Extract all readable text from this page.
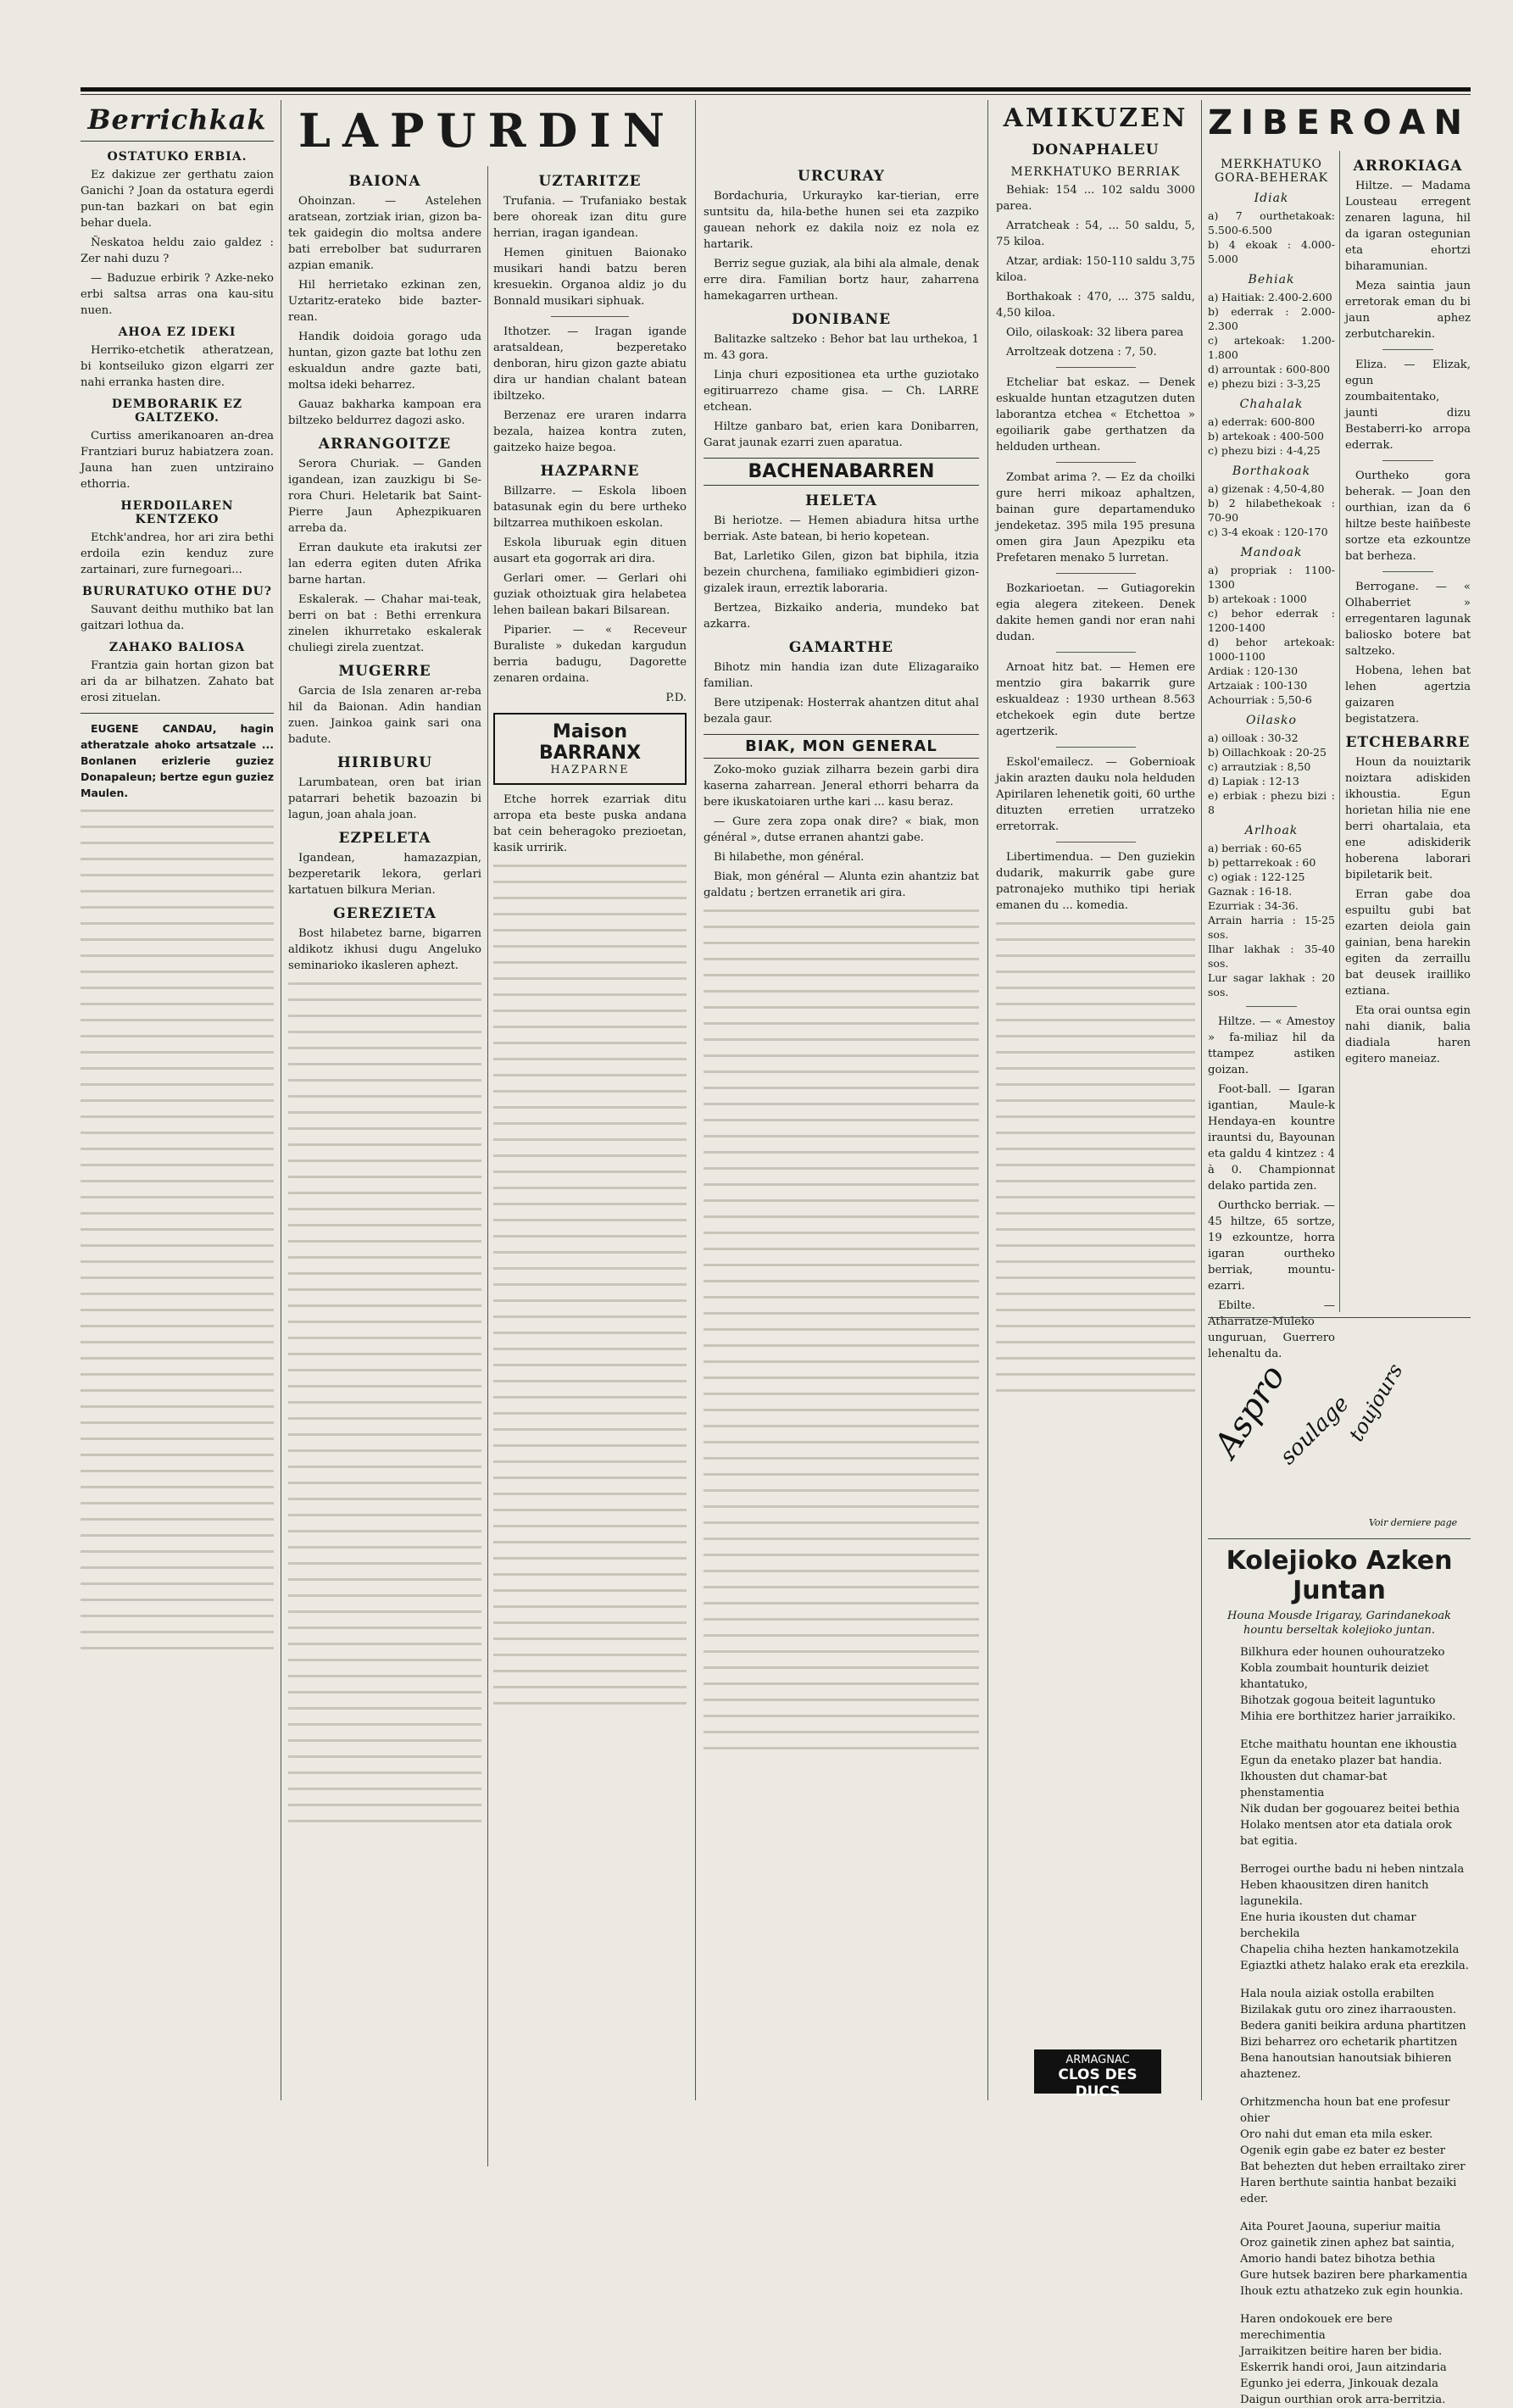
Berrichkak
OSTATUKO ERBIA.

Ez dakizue zer gerthatu zaion Ganichi ? Joan da ostatura egerdi pun-tan bazkari on bat egin behar duela.

Ñeskatoa heldu zaio galdez : Zer nahi duzu ?

— Baduzue erbirik ? Azke-neko erbi saltsa arras ona kau-situ nuen.

AHOA EZ IDEKI

Herriko-etchetik atheratzean, bi kontseiluko gizon elgarri zer nahi erranka hasten dire.

DEMBORARIK EZ GALTZEKO.

Curtiss amerikanoaren an-drea Frantziari buruz habiatzera zoan. Jauna han zuen untziraino ethorria.

HERDOILAREN KENTZEKO

Etchk'andrea, hor ari zira bethi erdoila ezin kenduz zure zartainari, zure furnegoari...

BURURATUKO OTHE DU?

Sauvant deithu muthiko bat lan gaitzari lothua da.

ZAHAKO BALIOSA

Frantzia gain hortan gizon bat ari da ar bilhatzen. Zahato bat erosi zituelan.

EUGENE CANDAU, hagin atheratzale ahoko artsatzale ... Bonlanen erizlerie guziez Donapaleun; bertze egun guziez Maulen.

LAPURDIN
BAIONA

Ohoinzan. — Astelehen aratsean, zortziak irian, gizon ba-tek gaidegin dio moltsa andere bati errebolber bat sudurraren azpian emanik.

Hil herrietako ezkinan zen, Uztaritz-erateko bide bazter-rean.

Handik doidoia gorago uda huntan, gizon gazte bat lothu zen eskualdun andre gazte bati, moltsa ideki beharrez.

Gauaz bakharka kampoan era biltzeko beldurrez dagozi asko.

ARRANGOITZE

Serora Churiak. — Ganden igandean, izan zauzkigu bi Se-rora Churi. Heletarik bat Saint-Pierre Jaun Aphezpikuaren arreba da.

Erran daukute eta irakutsi zer lan ederra egiten duten Afrika barne hartan.

Eskalerak. — Chahar mai-teak, berri on bat : Bethi errenkura zinelen ikhurretako eskalerak chuliegi zirela zuentzat.

MUGERRE

Garcia de Isla zenaren ar-reba hil da Baionan. Adin handian zuen. Jainkoa gaink sari ona badute.

HIRIBURU

Larumbatean, oren bat irian patarrari behetik bazoazin bi lagun, joan ahala joan.

EZPELETA

Igandean, hamazazpian, bezperetarik lekora, gerlari kartatuen bilkura Merian.

GEREZIETA

Bost hilabetez barne, bigarren aldikotz ikhusi dugu Angeluko seminarioko ikasleren aphezt.

UZTARITZE

Trufania. — Trufaniako bestak bere ohoreak izan ditu gure herrian, iragan igandean.

Hemen ginituen Baionako musikari handi batzu beren kresuekin. Organoa aldiz jo du Bonnald musikari siphuak.

Ithotzer. — Iragan igande aratsaldean, bezperetako denboran, hiru gizon gazte abiatu dira ur handian chalant batean ibiltzeko.

Berzenaz ere uraren indarra bezala, haizea kontra zuten, gaitzeko haize begoa.

HAZPARNE

Billzarre. — Eskola liboen batasunak egin du bere urtheko biltzarrea muthikoen eskolan.

Eskola liburuak egin dituen ausart eta gogorrak ari dira.

Gerlari omer. — Gerlari ohi guziak othoiztuak gira helabetea lehen bailean bakari Bilsarean.

Piparier. — « Receveur Buraliste » dukedan kargudun berria badugu, Dagorette zenaren ordaina.

P.D.

Maison BARRANX
HAZPARNE

Etche horrek ezarriak ditu arropa eta beste puska andana bat cein beheragoko prezioetan, kasik urririk.

URCURAY

Bordachuria, Urkurayko kar-tierian, erre suntsitu da, hila-bethe hunen sei eta zazpiko gauean nehork ez dakila noiz ez nola ez hartarik.

Berriz segue guziak, ala bihi ala almale, denak erre dira. Familian bortz haur, zaharrena hamekagarren urthean.

DONIBANE

Balitazke saltzeko : Behor bat lau urthekoa, 1 m. 43 gora.

Linja churi ezpositionea eta urthe guziotako egitiruarrezo chame gisa. — Ch. LARRE etchean.

Hiltze ganbaro bat, erien kara Donibarren, Garat jaunak ezarri zuen aparatua.

BACHENABARREN
HELETA

Bi heriotze. — Hemen abiadura hitsa urthe berriak. Aste batean, bi herio kopetean.

Bat, Larletiko Gilen, gizon bat biphila, itzia bezein churchena, familiako egimbidieri gizon-gizalek iraun, erreztik laboraria.

Bertzea, Bizkaiko anderia, mundeko bat azkarra.

GAMARTHE

Bihotz min handia izan dute Elizagaraiko familian.

Bere utzipenak: Hosterrak ahantzen ditut ahal bezala gaur.

BIAK, MON GENERAL

Zoko-moko guziak zilharra bezein garbi dira kaserna zaharrean. Jeneral ethorri beharra da bere ikuskatoiaren urthe kari ... kasu beraz.

— Gure zera zopa onak dire? « biak, mon général », dutse erranen ahantzi gabe.

Bi hilabethe, mon général.

Biak, mon général — Alunta ezin ahantziz bat galdatu ; bertzen erranetik ari gira.

AMIKUZEN
DONAPHALEU
MERKHATUKO BERRIAK

Behiak: 154 ... 102 saldu 3000 parea.

Arratcheak : 54, ... 50 saldu, 5, 75 kiloa.

Atzar, ardiak: 150-110 saldu 3,75 kiloa.

Borthakoak : 470, ... 375 saldu, 4,50 kiloa.

Oilo, oilaskoak: 32 libera parea

Arroltzeak dotzena : 7, 50.

Etcheliar bat eskaz. — Denek eskualde huntan etzagutzen duten laborantza etchea « Etchettoa » egoiliarik gabe gerthatzen da helduden urthean.

Zombat arima ?. — Ez da choilki gure herri mikoaz aphaltzen, bainan gure departamenduko jendeketaz. 395 mila 195 presuna omen gira Jaun Apezpiku eta Prefetaren menako 5 lurretan.

Bozkarioetan. — Gutiagorekin egia alegera zitekeen. Denek dakite hemen gandi nor eran nahi dudan.

Arnoat hitz bat. — Hemen ere mentzio gira bakarrik gure eskualdeaz : 1930 urthean 8.563 etchekoek egin dute bertze agertzerik.

Eskol'emailecz. — Gobernioak jakin arazten dauku nola helduden Apirilaren lehenetik goiti, 60 urthe dituzten erretien urratzeko erretorrak.

Libertimendua. — Den guziekin dudarik, makurrik gabe gure patronajeko muthiko tipi heriak emanen du ... komedia.

ARMAGNAC
CLOS DES DUCS
ZIBEROAN
MERKHATUKO GORA-BEHERAK
Idiak

a) 7 ourthetakoak: 5.500-6.500

b) 4 ekoak : 4.000-5.000

Behiak

a) Haitiak: 2.400-2.600

b) ederrak : 2.000-2.300

c) artekoak: 1.200-1.800

d) arrountak : 600-800

e) phezu bizi : 3-3,25

Chahalak

a) ederrak: 600-800

b) artekoak : 400-500

c) phezu bizi : 4-4,25

Borthakoak

a) gizenak : 4,50-4,80

b) 2 hilabethekoak : 70-90

c) 3-4 ekoak : 120-170

Mandoak

a) propriak : 1100-1300

b) artekoak : 1000

c) behor ederrak : 1200-1400

d) behor artekoak: 1000-1100

Ardiak : 120-130

Artzaiak : 100-130

Achourriak : 5,50-6

Oilasko

a) oilloak : 30-32

b) Oillachkoak : 20-25

c) arrautziak : 8,50

d) Lapiak : 12-13

e) erbiak : phezu bizi : 8

Arlhoak

a) berriak : 60-65

b) pettarrekoak : 60

c) ogiak : 122-125

Gaznak : 16-18.

Ezurriak : 34-36.

Arrain harria : 15-25 sos.

Ilhar lakhak : 35-40 sos.

Lur sagar lakhak : 20 sos.

Hiltze. — « Amestoy » fa-miliaz hil da ttampez astiken goizan.

Foot-ball. — Igaran igantian, Maule-k Hendaya-en kountre irauntsi du, Bayounan eta galdu 4 kintzez : 4 à 0. Championnat delako partida zen.

Ourthcko berriak. — 45 hiltze, 65 sortze, 19 ezkountze, horra igaran ourtheko berriak, mountu-ezarri.

Ebilte. — Atharratze-Muleko unguruan, Guerrero lehenaltu da.

ARROKIAGA

Hiltze. — Madama Lousteau erregent zenaren laguna, hil da igaran ostegunian eta ehortzi biharamunian.

Meza saintia jaun erretorak eman du bi jaun aphez zerbutcharekin.

Eliza. — Elizak, egun zoumbaitentako, jaunti dizu Bestaberri-ko arropa ederrak.

Ourtheko gora beherak. — Joan den ourthian, izan da 6 hiltze beste haiñbeste sortze eta ezkountze bat berheza.

Berrogane. — « Olhaberriet » erregentaren lagunak baliosko botere bat saltzeko.

Hobena, lehen bat lehen agertzia gaizaren begistatzera.

ETCHEBARRE

Houn da nouiztarik noiztara adiskiden ikhoustia. Egun horietan hilia nie ene berri ohartalaia, eta ene adiskiderik hoberena laborari bipiletarik beit.

Erran gabe doa espuiltu gubi bat ezarten deiola gain gainian, bena harekin egiten da zerraillu bat deusek irailliko eztiana.

Eta orai ountsa egin nahi dianik, balia diadiala haren egitero maneiaz.

Aspro
soulage
toujours
Voir derniere page
Kolejioko Azken Juntan
Houna Mousde Irigaray, Garindanekoak hountu berseltak kolejioko juntan.

Bilkhura eder hounen ouhouratzeko

Kobla zoumbait hounturik deiziet khantatuko,

Bihotzak gogoua beiteit laguntuko

Mihia ere borthitzez harier jarraikiko.

Etche maithatu hountan ene ikhoustia

Egun da enetako plazer bat handia.

Ikhousten dut chamar-bat phenstamentia

Nik dudan ber gogouarez beitei bethia

Holako mentsen ator eta datiala orok bat egitia.

Berrogei ourthe badu ni heben nintzala

Heben khaousitzen diren hanitch lagunekila.

Ene huria ikousten dut chamar berchekila

Chapelia chiha hezten hankamotzekila

Egiaztki athetz halako erak eta erezkila.

Hala noula aiziak ostolla erabilten

Bizilakak gutu oro zinez iharraousten.

Bedera ganiti beikira arduna phartitzen

Bizi beharrez oro echetarik phartitzen

Bena hanoutsian hanoutsiak bihieren ahaztenez.

Orhitzmencha houn bat ene profesur ohier

Oro nahi dut eman eta mila esker.

Ogenik egin gabe ez bater ez bester

Bat behezten dut heben errailtako zirer

Haren berthute saintia hanbat bezaiki eder.

Aita Pouret Jaouna, superiur maitia

Oroz gainetik zinen aphez bat saintia,

Amorio handi batez bihotza bethia

Gure hutsek baziren bere pharkamentia

Ihouk eztu athatzeko zuk egin hounkia.

Haren ondokouek ere bere merechimentia

Jarraikitzen beitire haren ber bidia.

Eskerrik handi oroi, Jaun aitzindaria

Egunko jei ederra, Jinkouak dezala

Daigun ourthian orok arra-berritzia.
